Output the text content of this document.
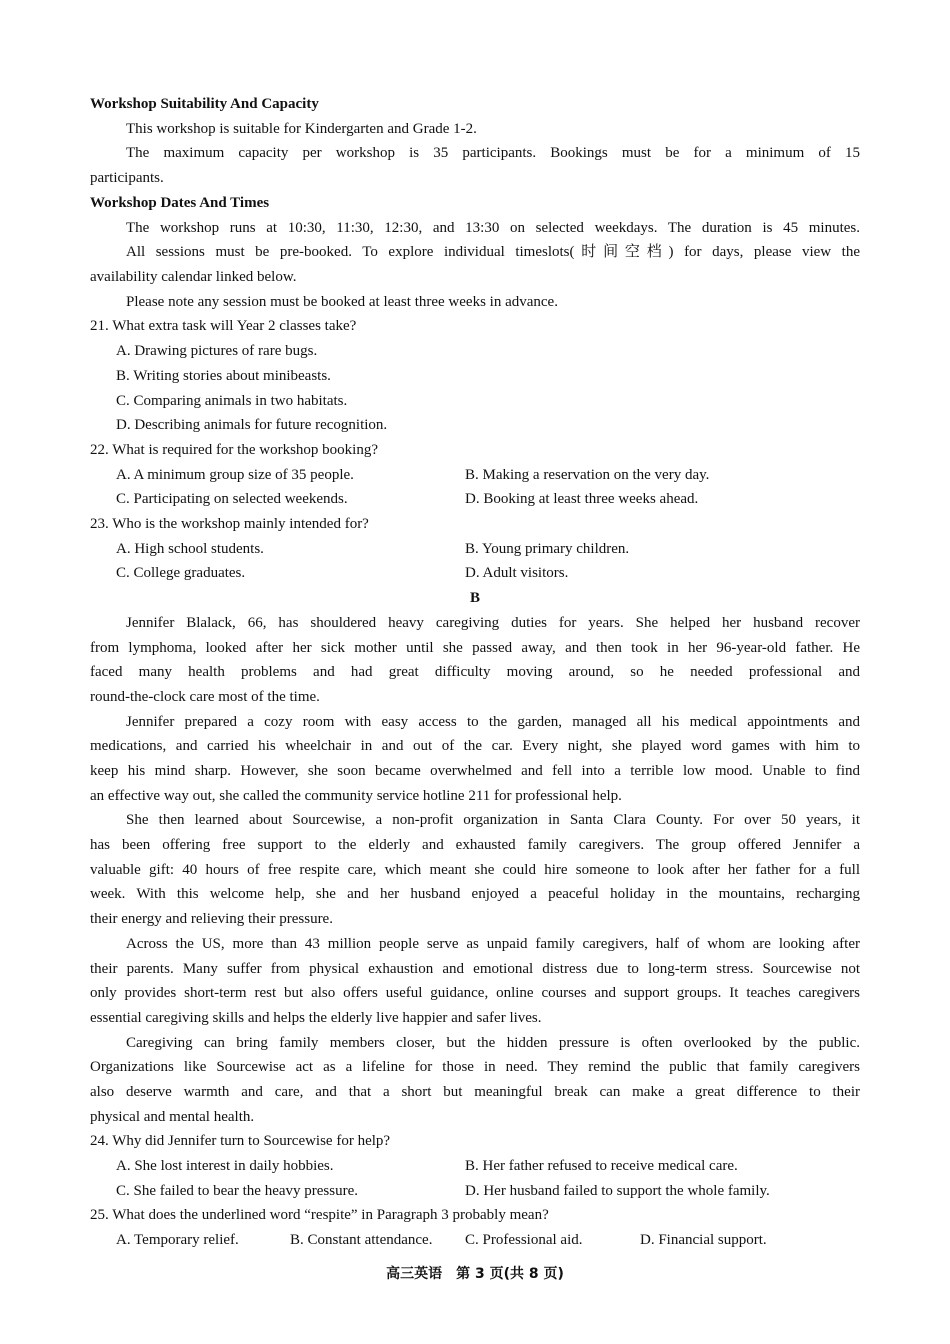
Workshop Suitability And Capacity
This workshop is suitable for Kindergarten and Grade 1-2.
The maximum capacity per workshop is 35 participants. Bookings must be for a minimum of 15
participants.
Workshop Dates And Times
The workshop runs at 10:30, 11:30, 12:30, and 13:30 on selected weekdays. The duration is 45 minutes.
All sessions must be pre-booked. To explore individual timeslots(时间空档) for days, please view the
availability calendar linked below.
Please note any session must be booked at least three weeks in advance.
21. What extra task will Year 2 classes take?
A. Drawing pictures of rare bugs.
B. Writing stories about minibeasts.
C. Comparing animals in two habitats.
D. Describing animals for future recognition.
22. What is required for the workshop booking?
A. A minimum group size of 35 people.	B. Making a reservation on the very day.
C. Participating on selected weekends.	D. Booking at least three weeks ahead.
23. Who is the workshop mainly intended for?
A. High school students.	B. Young primary children.
C. College graduates.	D. Adult visitors.
B
Jennifer Blalack, 66, has shouldered heavy caregiving duties for years. She helped her husband recover
from lymphoma, looked after her sick mother until she passed away, and then took in her 96-year-old father. He
faced many health problems and had great difficulty moving around, so he needed professional and
round-the-clock care most of the time.
Jennifer prepared a cozy room with easy access to the garden, managed all his medical appointments and
medications, and carried his wheelchair in and out of the car. Every night, she played word games with him to
keep his mind sharp. However, she soon became overwhelmed and fell into a terrible low mood. Unable to find
an effective way out, she called the community service hotline 211 for professional help.
She then learned about Sourcewise, a non-profit organization in Santa Clara County. For over 50 years, it
has been offering free support to the elderly and exhausted family caregivers. The group offered Jennifer a
valuable gift: 40 hours of free respite care, which meant she could hire someone to look after her father for a full
week. With this welcome help, she and her husband enjoyed a peaceful holiday in the mountains, recharging
their energy and relieving their pressure.
Across the US, more than 43 million people serve as unpaid family caregivers, half of whom are looking after
their parents. Many suffer from physical exhaustion and emotional distress due to long-term stress. Sourcewise not
only provides short-term rest but also offers useful guidance, online courses and support groups. It teaches caregivers
essential caregiving skills and helps the elderly live happier and safer lives.
Caregiving can bring family members closer, but the hidden pressure is often overlooked by the public.
Organizations like Sourcewise act as a lifeline for those in need. They remind the public that family caregivers
also deserve warmth and care, and that a short but meaningful break can make a great difference to their
physical and mental health.
24. Why did Jennifer turn to Sourcewise for help?
A. She lost interest in daily hobbies.	B. Her father refused to receive medical care.
C. She failed to bear the heavy pressure.	D. Her husband failed to support the whole family.
25. What does the underlined word “respite” in Paragraph 3 probably mean?
A. Temporary relief.	B. Constant attendance. C. Professional aid.	D. Financial support.
高三英语　第 3 页(共 8 页)
